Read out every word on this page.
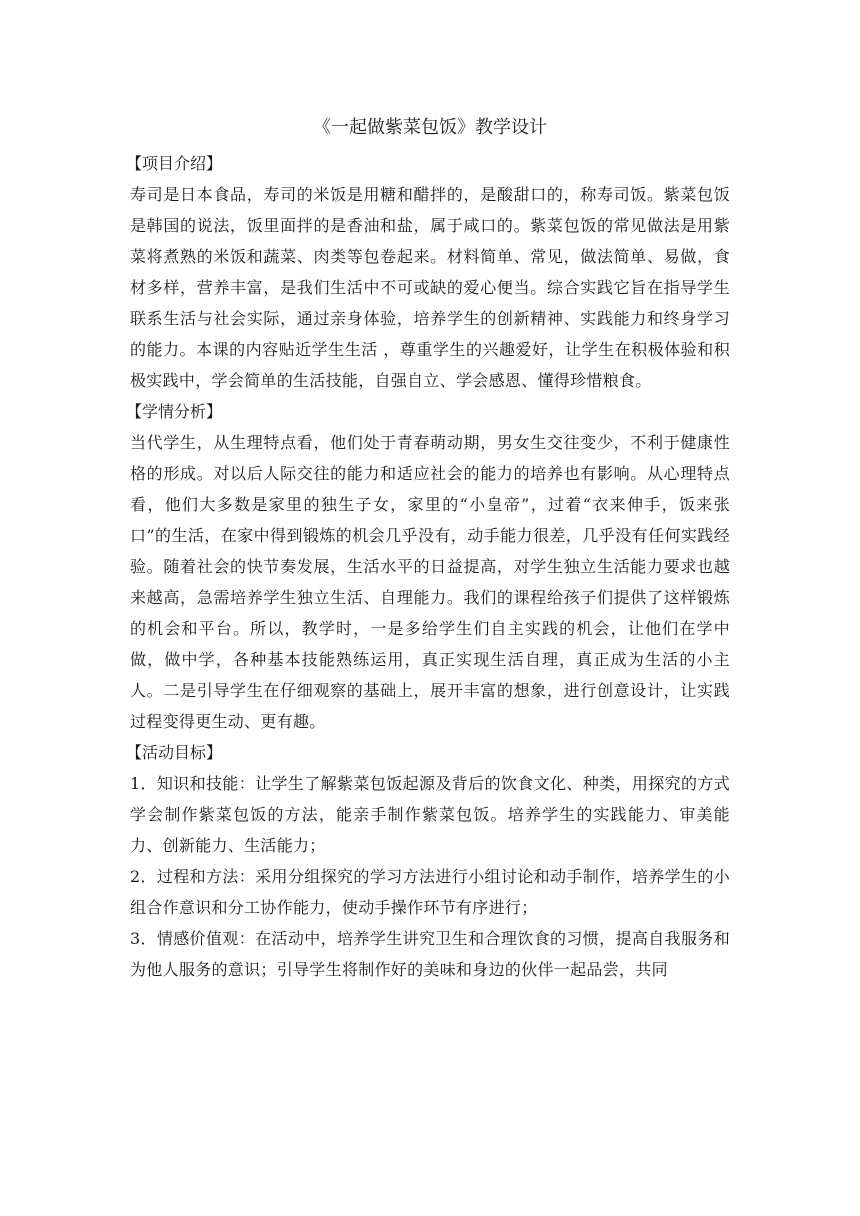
《一起做紫菜包饭》教学设计
【项目介绍】

寿司是日本食品，寿司的米饭是用糖和醋拌的，是酸甜口的，称寿司饭。紫菜包饭是韩国的说法，饭里面拌的是香油和盐，属于咸口的。紫菜包饭的常见做法是用紫菜将煮熟的米饭和蔬菜、肉类等包卷起来。材料简单、常见，做法简单、易做，食材多样，营养丰富，是我们生活中不可或缺的爱心便当。综合实践它旨在指导学生联系生活与社会实际，通过亲身体验，培养学生的创新精神、实践能力和终身学习的能力。本课的内容贴近学生生活 ，尊重学生的兴趣爱好，让学生在积极体验和积极实践中，学会简单的生活技能，自强自立、学会感恩、懂得珍惜粮食。

【学情分析】

当代学生，从生理特点看，他们处于青春萌动期，男女生交往变少，不利于健康性格的形成。对以后人际交往的能力和适应社会的能力的培养也有影响。从心理特点看，他们大多数是家里的独生子女，家里的“小皇帝”，过着“衣来伸手，饭来张口”的生活，在家中得到锻炼的机会几乎没有，动手能力很差，几乎没有任何实践经验。随着社会的快节奏发展，生活水平的日益提高，对学生独立生活能力要求也越来越高，急需培养学生独立生活、自理能力。我们的课程给孩子们提供了这样锻炼的机会和平台。所以，教学时，一是多给学生们自主实践的机会，让他们在学中做，做中学，各种基本技能熟练运用，真正实现生活自理，真正成为生活的小主人。二是引导学生在仔细观察的基础上，展开丰富的想象，进行创意设计，让实践过程变得更生动、更有趣。

【活动目标】

1．知识和技能：让学生了解紫菜包饭起源及背后的饮食文化、种类，用探究的方式学会制作紫菜包饭的方法，能亲手制作紫菜包饭。培养学生的实践能力、审美能力、创新能力、生活能力；

2．过程和方法：采用分组探究的学习方法进行小组讨论和动手制作，培养学生的小组合作意识和分工协作能力，使动手操作环节有序进行；

3．情感价值观：在活动中，培养学生讲究卫生和合理饮食的习惯，提高自我服务和为他人服务的意识；引导学生将制作好的美味和身边的伙伴一起品尝，共同
